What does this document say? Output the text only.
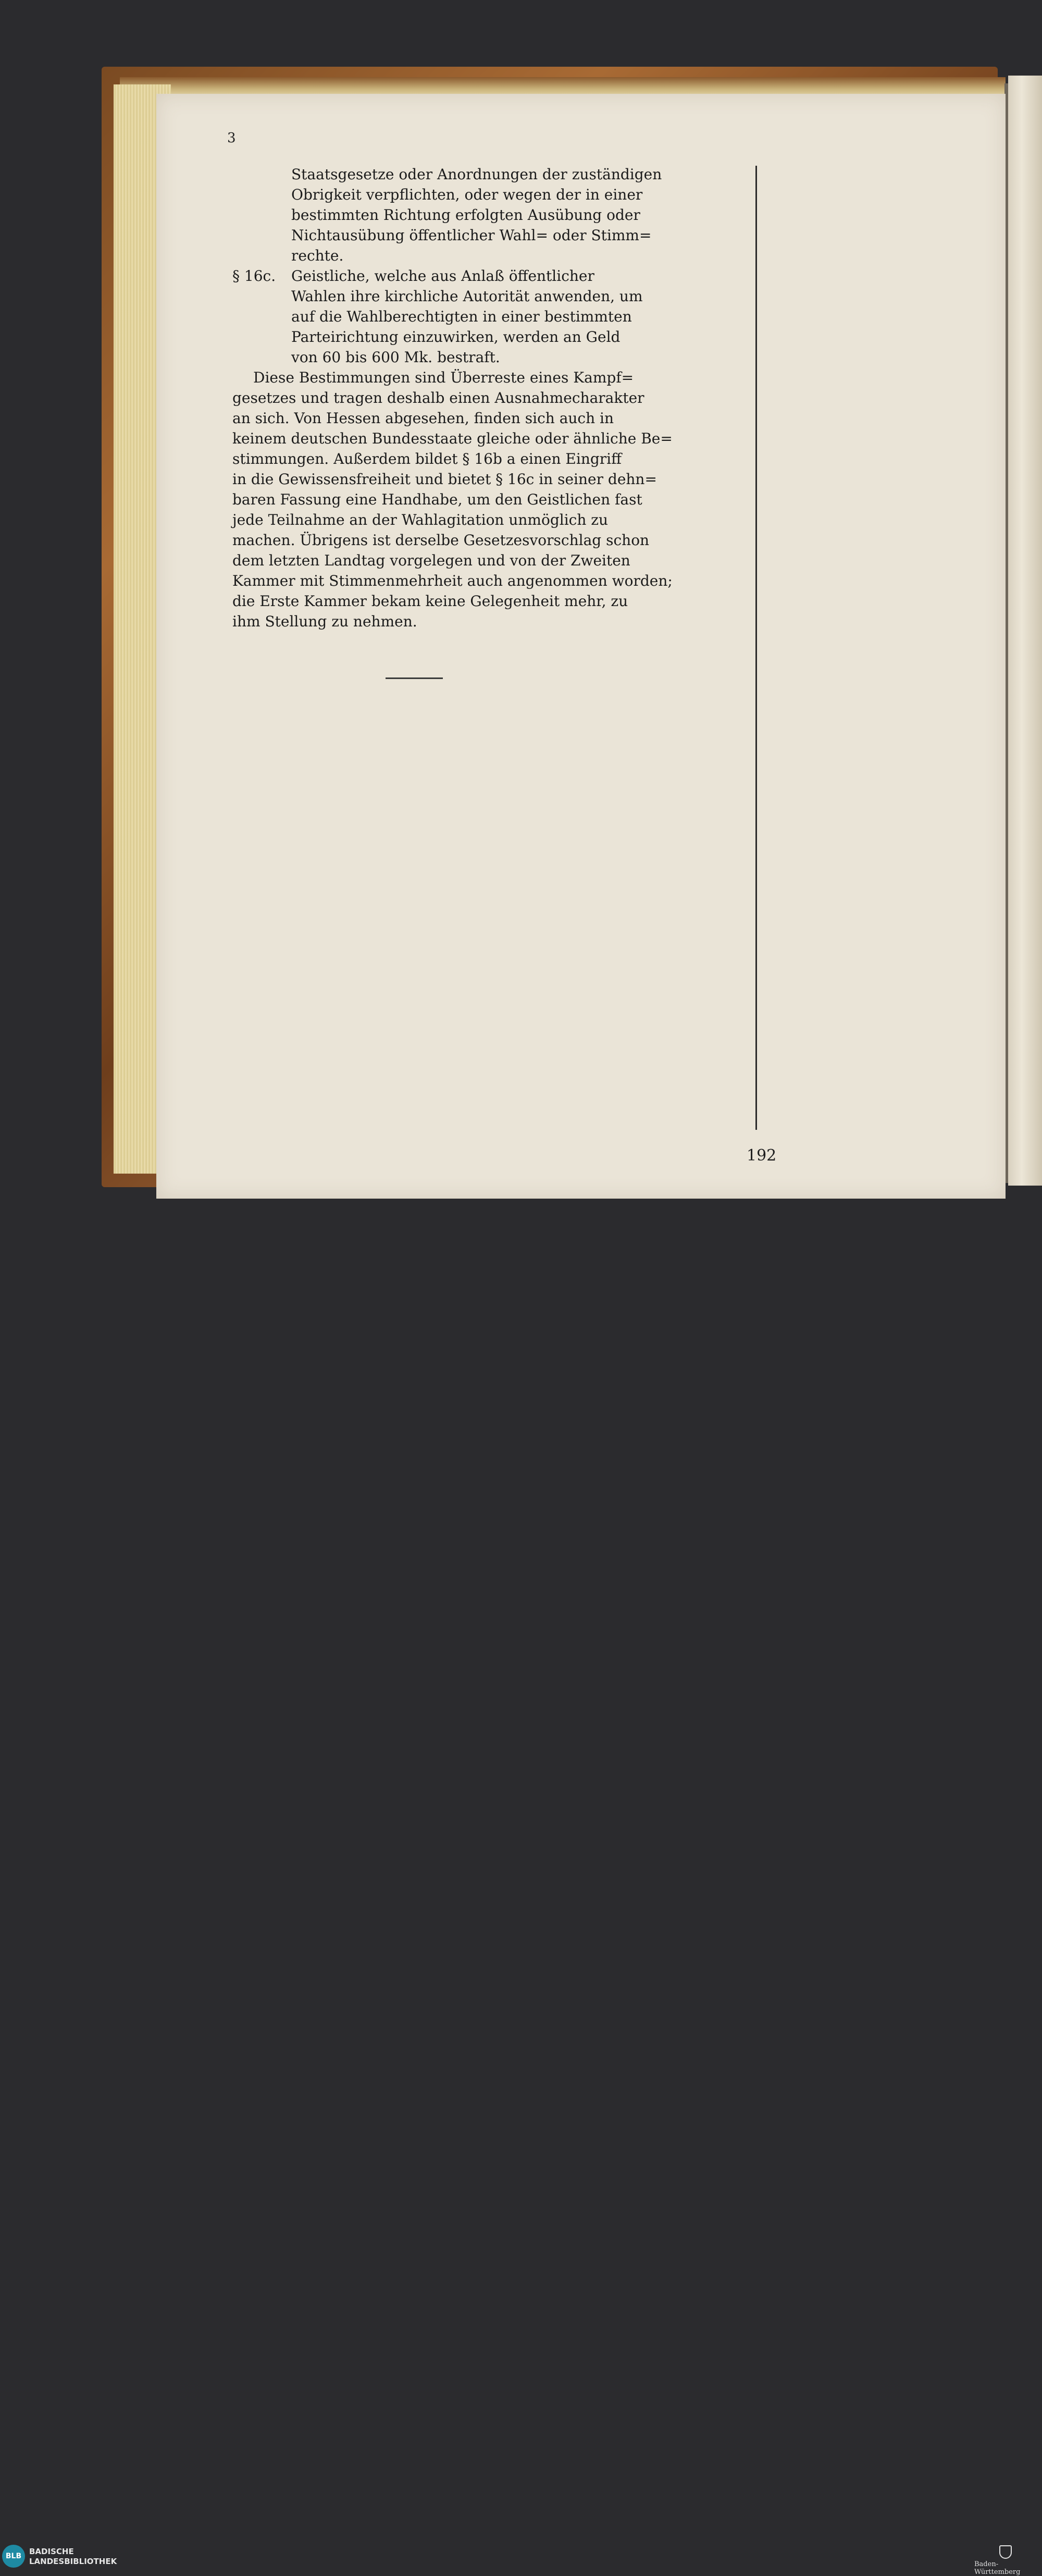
3
Staatsgesetze oder Anordnungen der zuständigen
Obrigkeit verpflichten, oder wegen der in einer
bestimmten Richtung erfolgten Ausübung oder
Nichtausübung öffentlicher Wahl= oder Stimm=
rechte.
§ 16c.	Geistliche, welche aus Anlaß öffentlicher
Wahlen ihre kirchliche Autorität anwenden, um
auf die Wahlberechtigten in einer bestimmten
Parteirichtung einzuwirken, werden an Geld
von 60 bis 600 Mk. bestraft.
Diese Bestimmungen sind Überreste eines Kampf=
gesetzes und tragen deshalb einen Ausnahmecharakter
an sich. Von Hessen abgesehen, finden sich auch in
keinem deutschen Bundesstaate gleiche oder ähnliche Be=
stimmungen. Außerdem bildet § 16b a einen Eingriff
in die Gewissensfreiheit und bietet § 16c in seiner dehn=
baren Fassung eine Handhabe, um den Geistlichen fast
jede Teilnahme an der Wahlagitation unmöglich zu
machen. Übrigens ist derselbe Gesetzesvorschlag schon
dem letzten Landtag vorgelegen und von der Zweiten
Kammer mit Stimmenmehrheit auch angenommen worden;
die Erste Kammer bekam keine Gelegenheit mehr, zu
ihm Stellung zu nehmen.
192
BLB BADISCHE
LANDESBIBLIOTHEK	Baden-Württemberg
